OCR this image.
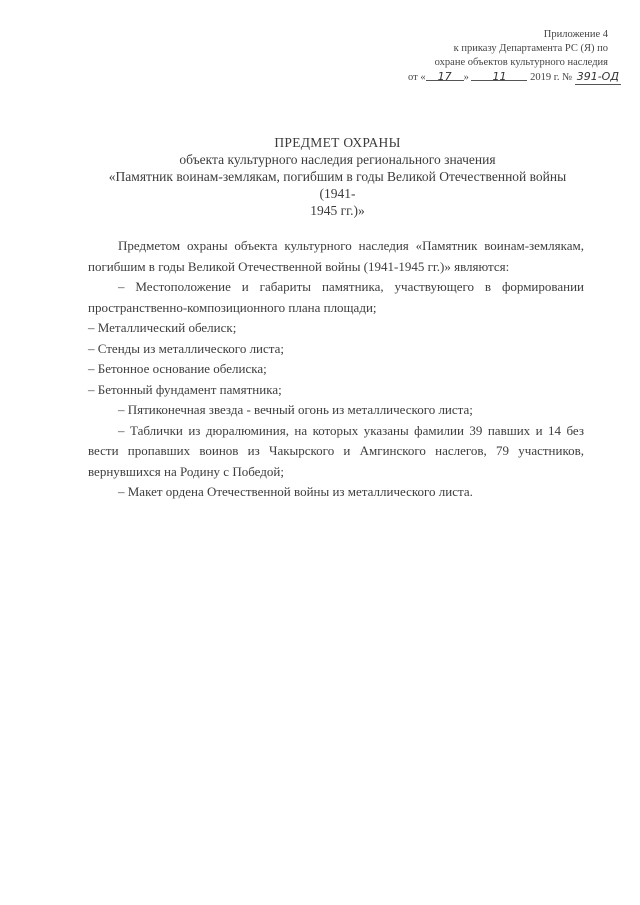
Приложение 4
к приказу Департамента РС (Я) по
охране объектов культурного наследия
от « 17 » 11 2019 г. № 391-ОД
ПРЕДМЕТ ОХРАНЫ
объекта культурного наследия регионального значения
«Памятник воинам-землякам, погибшим в годы Великой Отечественной войны (1941-
1945 гг.)»

Предметом охраны объекта культурного наследия «Памятник воинам-землякам, погибшим в годы Великой Отечественной войны (1941-1945 гг.)» являются:

– Местоположение и габариты памятника, участвующего в формировании пространственно-композиционного плана площади;

– Металлический обелиск;

– Стенды из металлического листа;

– Бетонное основание обелиска;

– Бетонный фундамент памятника;

– Пятиконечная звезда - вечный огонь из металлического листа;

– Таблички из дюралюминия, на которых указаны фамилии 39 павших и 14 без вести пропавших воинов из Чакырского и Амгинского наслегов, 79 участников, вернувшихся на Родину с Победой;

– Макет ордена Отечественной войны из металлического листа.
